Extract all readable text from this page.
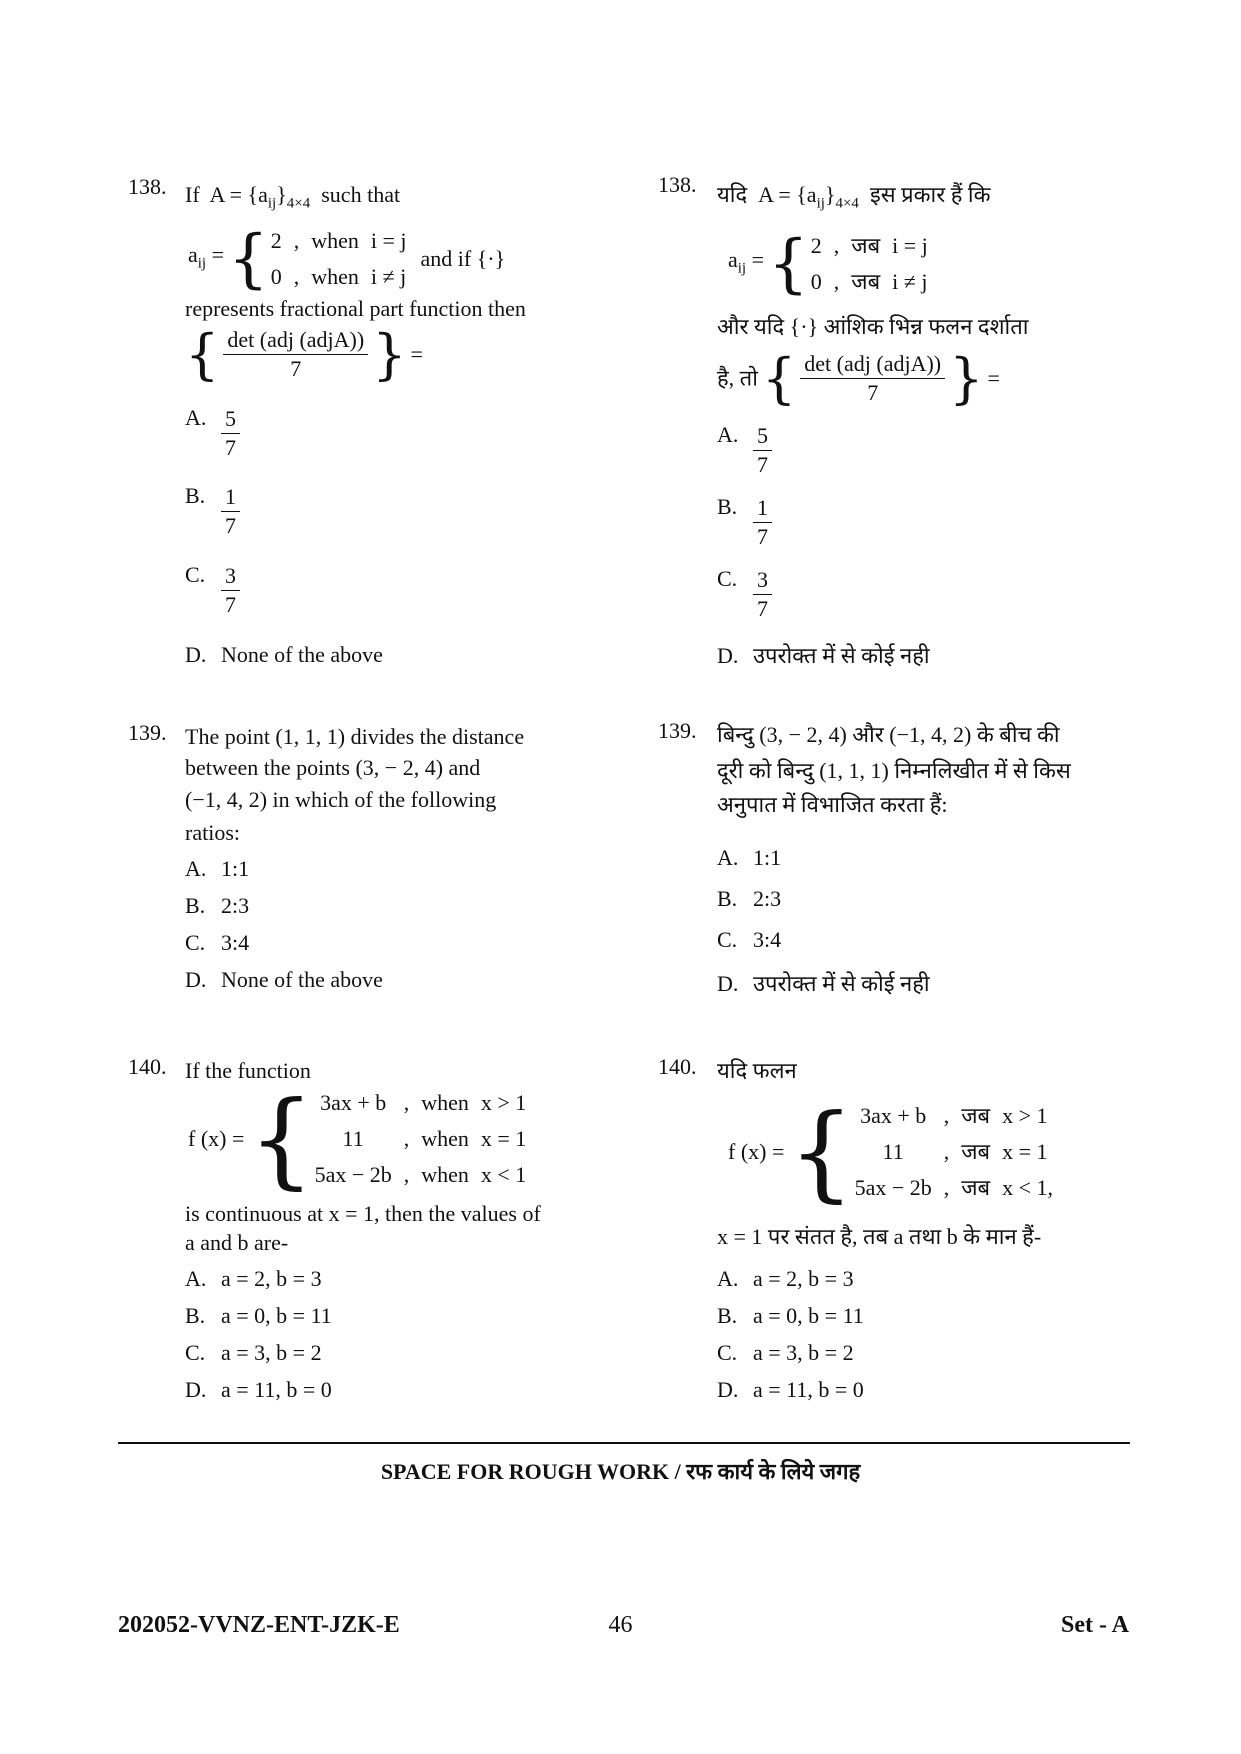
138. If $A = \{a_{ij}\}_{4\times 4}$ such that
$a_{ij}$ = { 2	,	when	i = j
0	,	when	i ≠ j and if {·}
represents fractional part function then
{ $\frac{\text{det (adj (adjA))}}{7}$ } =
A. $\frac{5}{7}$
B. $\frac{1}{7}$
C. $\frac{3}{7}$
D. None of the above
138. यदि $A = \{a_{ij}\}_{4\times 4}$ इस प्रकार हैं कि
$a_{ij}$ = { 2	,	जब	i = j
0	,	जब	i ≠ j
और यदि {·} आंशिक भिन्न फलन दर्शाता
है, तो { $\frac{\text{det (adj (adjA))}}{7}$ } =
A. $\frac{5}{7}$
B. $\frac{1}{7}$
C. $\frac{3}{7}$
D. उपरोक्त में से कोई नही
139. The point (1, 1, 1) divides the distance
between the points (3, − 2, 4) and
(−1, 4, 2) in which of the following
ratios:
A. 1:1
B. 2:3
C. 3:4
D. None of the above
139. बिन्दु (3, − 2, 4) और (−1, 4, 2) के बीच की
दूरी को बिन्दु (1, 1, 1) निम्नलिखीत में से किस
अनुपात में विभाजित करता हैं:
A. 1:1
B. 2:3
C. 3:4
D. उपरोक्त में से कोई नही
140. If the function
f (x) = { 3ax + b	,	when	x > 1
11	,	when	x = 1
5ax − 2b	,	when	x < 1
is continuous at x = 1, then the values of
a and b are-
A. a = 2, b = 3
B. a = 0, b = 11
C. a = 3, b = 2
D. a = 11, b = 0
140. यदि फलन
f (x) = { 3ax + b	,	जब	x > 1
11	,	जब	x = 1
5ax − 2b	,	जब	x < 1,
x = 1 पर संतत है, तब a तथा b के मान हैं-
A. a = 2, b = 3
B. a = 0, b = 11
C. a = 3, b = 2
D. a = 11, b = 0
SPACE FOR ROUGH WORK / रफ कार्य के लिये जगह
202052-VVNZ-ENT-JZK-E	46	Set - A
